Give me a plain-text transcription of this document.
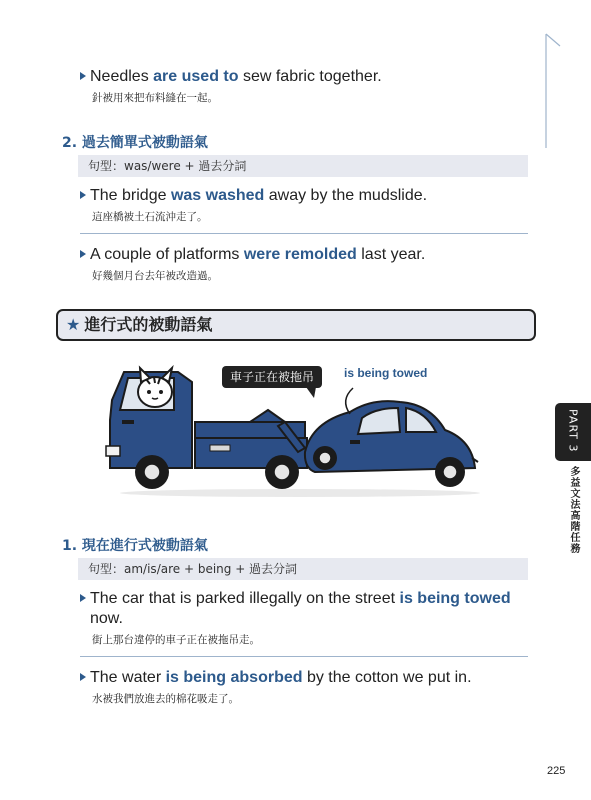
Needles are used to sew fabric together.
針被用來把布料縫在一起。
2. 過去簡單式被動語氣
句型：was/were + 過去分詞
The bridge was washed away by the mudslide.
這座橋被土石流沖走了。
A couple of platforms were remolded last year.
好幾個月台去年被改造過。
★ 進行式的被動語氣
車子正在被拖吊	is being towed
1. 現在進行式被動語氣
句型：am/is/are + being + 過去分詞
The car that is parked illegally on the street is being towed
now.
街上那台違停的車子正在被拖吊走。
The water is being absorbed by the cotton we put in.
水被我們放進去的棉花吸走了。
PART 3
多益文法高階任務
225
